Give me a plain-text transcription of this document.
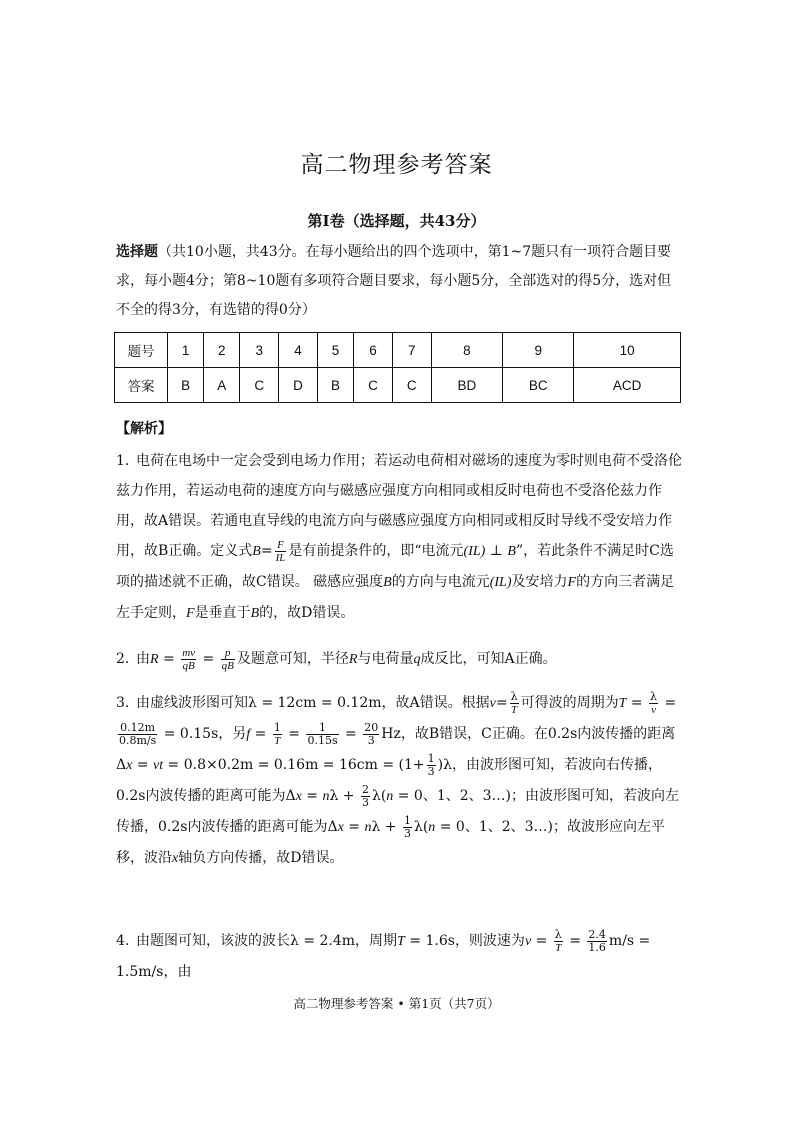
高二物理参考答案
第Ⅰ卷（选择题，共43分）
选择题（共10小题，共43分。在每小题给出的四个选项中，第1~7题只有一项符合题目要求，每小题4分；第8~10题有多项符合题目要求，每小题5分，全部选对的得5分，选对但不全的得3分，有选错的得0分）
题号	1	2	3	4	5	6	7	8	9	10
答案	B	A	C	D	B	C	C	BD	BC	ACD
【解析】
1．电荷在电场中一定会受到电场力作用；若运动电荷相对磁场的速度为零时则电荷不受洛伦兹力作用，若运动电荷的速度方向与磁感应强度方向相同或相反时电荷也不受洛伦兹力作用，故A错误。若通电直导线的电流方向与磁感应强度方向相同或相反时导线不受安培力作用，故B正确。定义式$B= \frac{F}{IL}$ 是有前提条件的，即“电流元(IL) ⊥ B”，若此条件不满足时C选项的描述就不正确，故C错误。 磁感应强度B的方向与电流元(IL)及安培力F的方向三者满足左手定则，F是垂直于B的，故D错误。
2．由$R = \frac{mv}{qB} = \frac{p}{qB}$ 及题意可知，半径R与电荷量q成反比，可知A正确。
3．由虚线波形图可知λ = 12cm = 0.12m，故A错误。根据$v= \frac{\lambda}{T}$ 可得波的周期为$T = \frac{\lambda}{v}$ =
$\frac{0.12m}{0.8m/s} = 0.15s$，另$f = \frac{1}{T} = \frac{1}{0.15s} = \frac{20}{3}$ Hz，故B错误，C正确。在0.2s内波传播的距离Δx = vt = $0.8\times 0.2m = 0.16m = 16cm = (1+ \frac{1}{3} )\lambda$，由波形图可知，若波向右传播，0.2s内波传播的距离可能为$\Delta x = n\lambda + \frac{2}{3} \lambda(n = 0$、1、2、3…)；由波形图可知，若波向左传播，0.2s内波传播的距离可能为$\Delta x = n\lambda + \frac{1}{3} \lambda(n = 0$、1、2、3…)；故波形应向左平移，波沿x轴负方向传播，故D错误。
4．由题图可知，该波的波长λ = 2.4m，周期T = 1.6s，则波速为$v = \frac{\lambda}{T} = \frac{2.4}{1.6} m/s = 1.5m/s$，由
高二物理参考答案 • 第1页（共7页）
